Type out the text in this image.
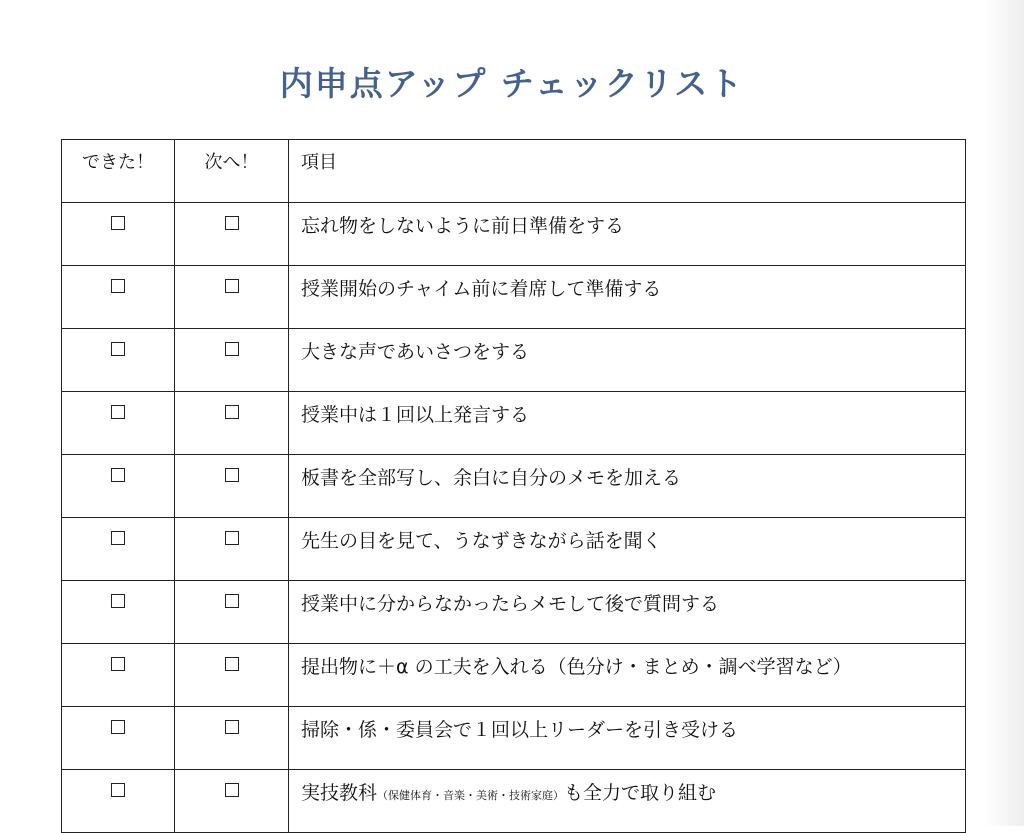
内申点アップ チェックリスト
できた！	次へ！	項目
		忘れ物をしないように前日準備をする
		授業開始のチャイム前に着席して準備する
		大きな声であいさつをする
		授業中は１回以上発言する
		板書を全部写し、余白に自分のメモを加える
		先生の目を見て、うなずきながら話を聞く
		授業中に分からなかったらメモして後で質問する
		提出物に＋α の工夫を入れる（色分け・まとめ・調べ学習など）
		掃除・係・委員会で１回以上リーダーを引き受ける
		実技教科（保健体育・音楽・美術・技術家庭）も全力で取り組む
